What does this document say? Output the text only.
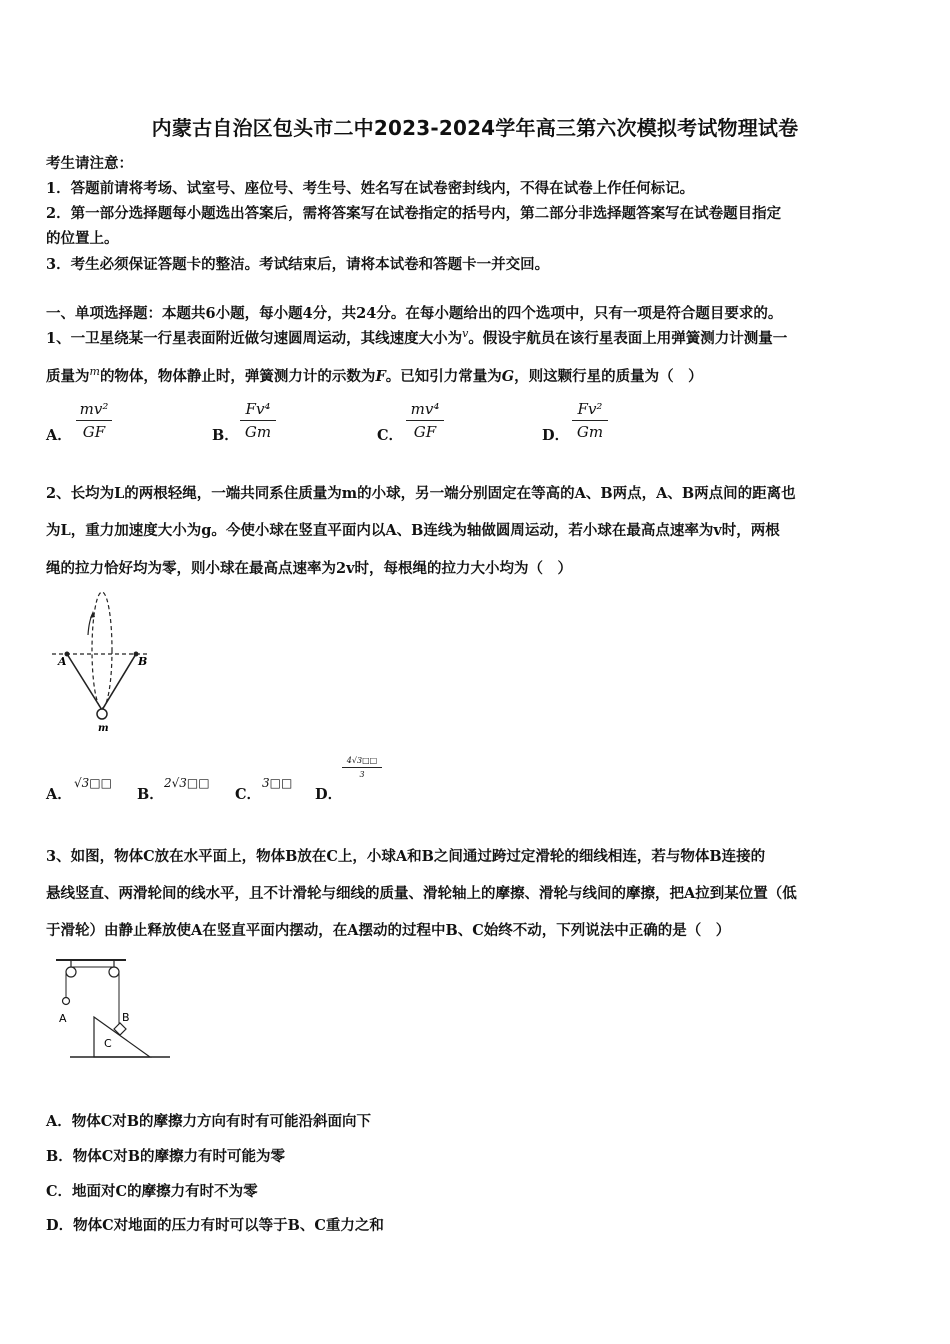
内蒙古自治区包头市二中2023-2024学年高三第六次模拟考试物理试卷
考生请注意：
1．答题前请将考场、试室号、座位号、考生号、姓名写在试卷密封线内，不得在试卷上作任何标记。
2．第一部分选择题每小题选出答案后，需将答案写在试卷指定的括号内，第二部分非选择题答案写在试卷题目指定
的位置上。
3．考生必须保证答题卡的整洁。考试结束后，请将本试卷和答题卡一并交回。
一、单项选择题：本题共6小题，每小题4分，共24分。在每小题给出的四个选项中，只有一项是符合题目要求的。
1、一卫星绕某一行星表面附近做匀速圆周运动，其线速度大小为$^v$。假设宇航员在该行星表面上用弹簧测力计测量一
质量为$^m$的物体，物体静止时，弹簧测力计的示数为F。已知引力常量为G，则这颗行星的质量为（　）
A．
mv²
GF	B．
Fv⁴
Gm	C．
mv⁴
GF	D．
Fv²
Gm
2、长均为L的两根轻绳，一端共同系住质量为m的小球，另一端分别固定在等高的A、B两点，A、B两点间的距离也
为L，重力加速度大小为g。今使小球在竖直平面内以A、B连线为轴做圆周运动，若小球在最高点速率为v时，两根
绳的拉力恰好均为零，则小球在最高点速率为2v时，每根绳的拉力大小均为（　）
A	B
m
A．
√3□□
B．
2√3□□
C．
3□□
D．
4√3□□
3
3、如图，物体C放在水平面上，物体B放在C上，小球A和B之间通过跨过定滑轮的细线相连，若与物体B连接的
悬线竖直、两滑轮间的线水平，且不计滑轮与细线的质量、滑轮轴上的摩擦、滑轮与线间的摩擦，把A拉到某位置（低
于滑轮）由静止释放使A在竖直平面内摆动，在A摆动的过程中B、C始终不动，下列说法中正确的是（　）
A	B
C
A．物体C对B的摩擦力方向有时有可能沿斜面向下
B．物体C对B的摩擦力有时可能为零
C．地面对C的摩擦力有时不为零
D．物体C对地面的压力有时可以等于B、C重力之和
